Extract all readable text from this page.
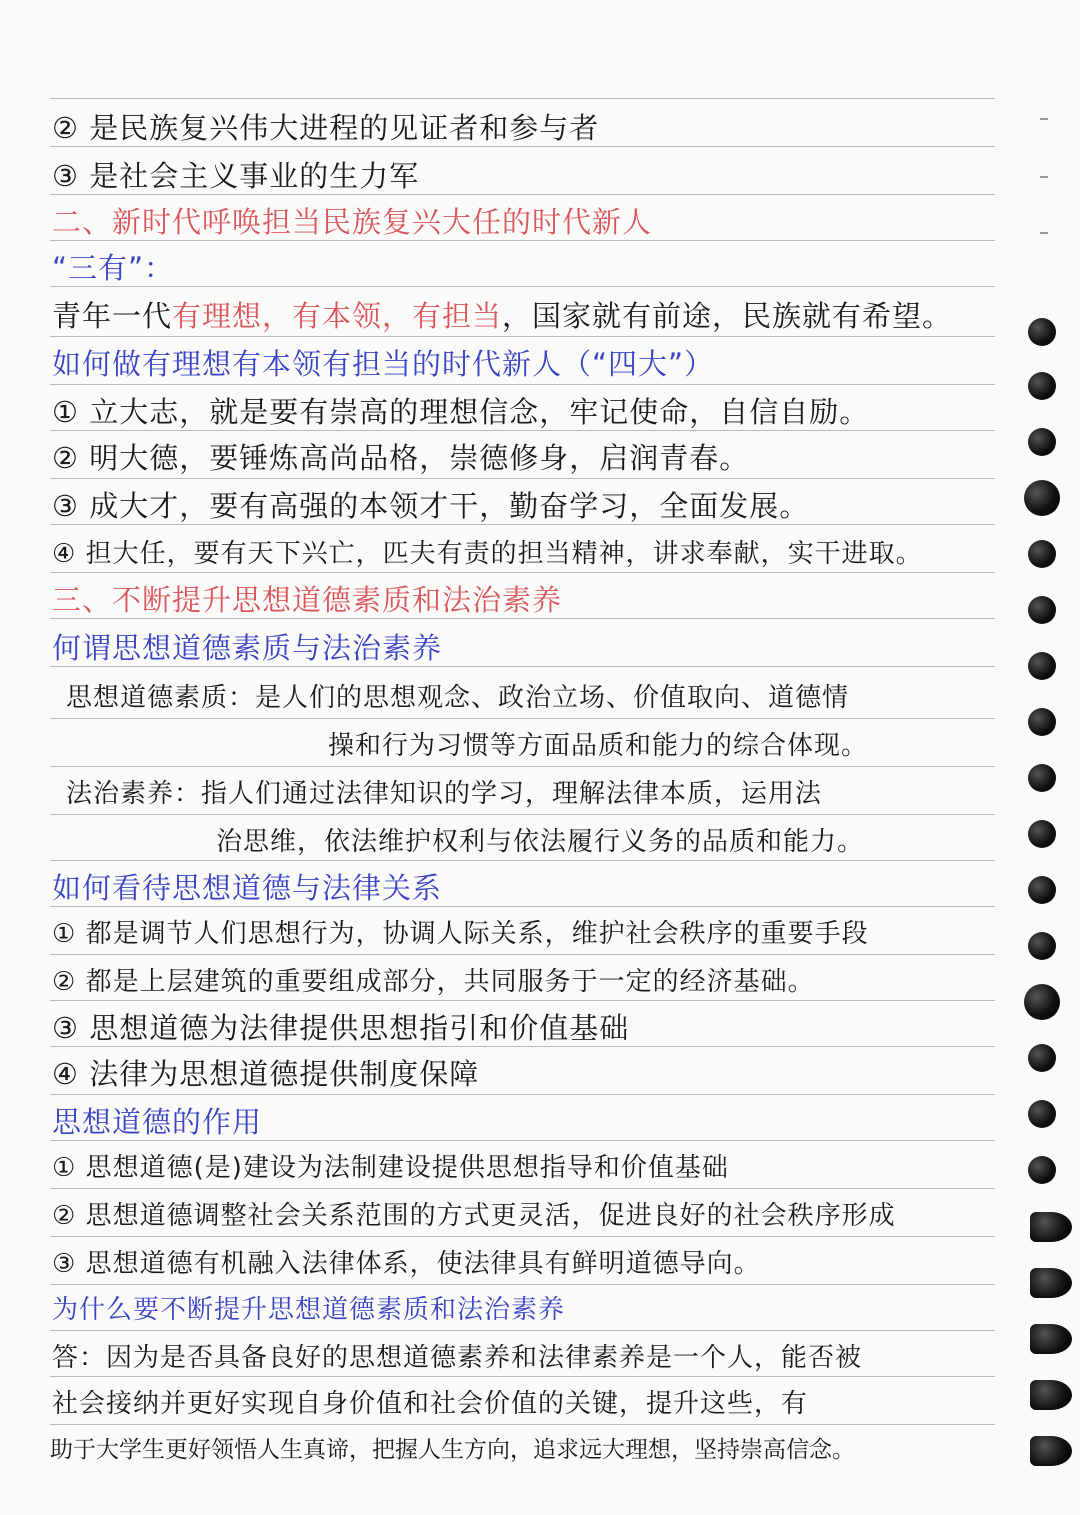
② 是民族复兴伟大进程的见证者和参与者
③ 是社会主义事业的生力军
二、新时代呼唤担当民族复兴大任的时代新人
“三有”：
青年一代有理想，有本领，有担当，国家就有前途，民族就有希望。
如何做有理想有本领有担当的时代新人（“四大”）
① 立大志，就是要有崇高的理想信念，牢记使命，自信自励。
② 明大德，要锤炼高尚品格，崇德修身，启润青春。
③ 成大才，要有高强的本领才干，勤奋学习，全面发展。
④ 担大任，要有天下兴亡，匹夫有责的担当精神，讲求奉献，实干进取。
三、不断提升思想道德素质和法治素养
何谓思想道德素质与法治素养
思想道德素质：是人们的思想观念、政治立场、价值取向、道德情
操和行为习惯等方面品质和能力的综合体现。
法治素养：指人们通过法律知识的学习，理解法律本质，运用法
治思维，依法维护权利与依法履行义务的品质和能力。
如何看待思想道德与法律关系
① 都是调节人们思想行为，协调人际关系，维护社会秩序的重要手段
② 都是上层建筑的重要组成部分，共同服务于一定的经济基础。
③ 思想道德为法律提供思想指引和价值基础
④ 法律为思想道德提供制度保障
思想道德的作用
① 思想道德(是)建设为法制建设提供思想指导和价值基础
② 思想道德调整社会关系范围的方式更灵活，促进良好的社会秩序形成
③ 思想道德有机融入法律体系，使法律具有鲜明道德导向。
为什么要不断提升思想道德素质和法治素养
答：因为是否具备良好的思想道德素养和法律素养是一个人，能否被
社会接纳并更好实现自身价值和社会价值的关键，提升这些，有
助于大学生更好领悟人生真谛，把握人生方向，追求远大理想，坚持崇高信念。
